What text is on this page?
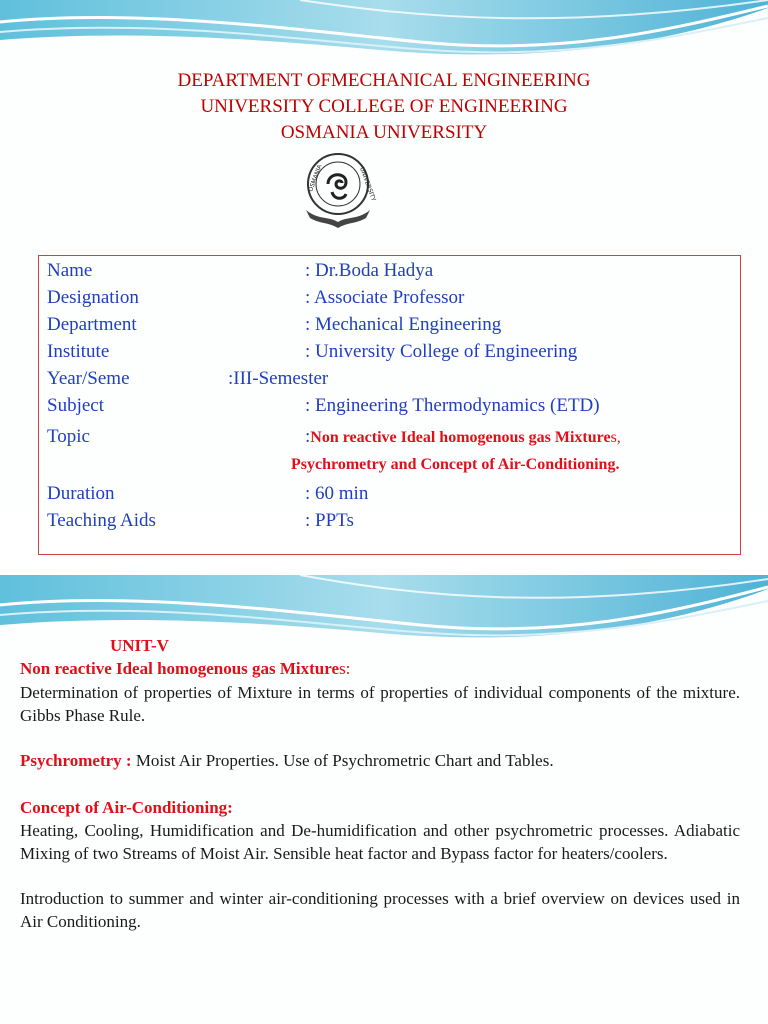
DEPARTMENT OFMECHANICAL ENGINEERING
UNIVERSITY COLLEGE OF ENGINEERING
OSMANIA UNIVERSITY
OSMANIA	UNIVERSITY
Name	: Dr.Boda Hadya
Designation	: Associate Professor
Department	: Mechanical Engineering
Institute	: University College of Engineering
Year/Seme	:III-Semester
Subject	: Engineering Thermodynamics (ETD)
Topic	:Non reactive Ideal homogenous gas Mixtures,
Psychrometry and Concept of Air-Conditioning.
Duration	: 60 min
Teaching Aids	: PPTs
UNIT-V
Non reactive Ideal homogenous gas Mixtures:
Determination of properties of Mixture in terms of properties of individual components of the mixture. Gibbs Phase Rule.
Psychrometry : Moist Air Properties. Use of Psychrometric Chart and Tables.
Concept of Air-Conditioning:
Heating, Cooling, Humidification and De-humidification and other psychrometric processes. Adiabatic Mixing of two Streams of Moist Air. Sensible heat factor and Bypass factor for heaters/coolers.
Introduction to summer and winter air-conditioning processes with a brief overview on devices used in Air Conditioning.
